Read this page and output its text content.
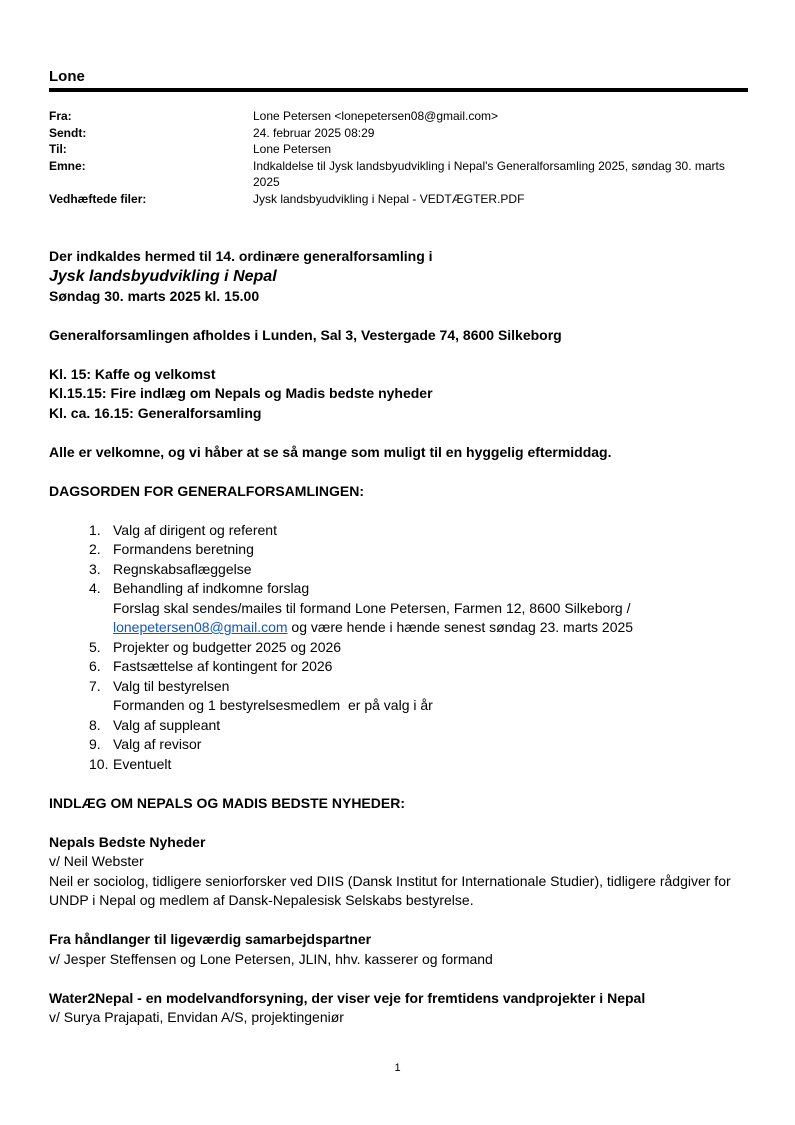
Lone
Fra:	Lone Petersen <lonepetersen08@gmail.com>
Sendt:	24. februar 2025 08:29
Til:	Lone Petersen
Emne:	Indkaldelse til Jysk landsbyudvikling i Nepal's Generalforsamling 2025, søndag 30. marts 2025
Vedhæftede filer:	Jysk landsbyudvikling i Nepal - VEDTÆGTER.PDF
Der indkaldes hermed til 14. ordinære generalforsamling i
Jysk landsbyudvikling i Nepal
Søndag 30. marts 2025 kl. 15.00
Generalforsamlingen afholdes i Lunden, Sal 3, Vestergade 74, 8600 Silkeborg
Kl. 15: Kaffe og velkomst
Kl.15.15: Fire indlæg om Nepals og Madis bedste nyheder
Kl. ca. 16.15: Generalforsamling
Alle er velkomne, og vi håber at se så mange som muligt til en hyggelig eftermiddag.
DAGSORDEN FOR GENERALFORSAMLINGEN:
1. Valg af dirigent og referent
2. Formandens beretning
3. Regnskabsaflæggelse
4. Behandling af indkomne forslag
Forslag skal sendes/mailes til formand Lone Petersen, Farmen 12, 8600 Silkeborg /
lonepetersen08@gmail.com og være hende i hænde senest søndag 23. marts 2025
5. Projekter og budgetter 2025 og 2026
6. Fastsættelse af kontingent for 2026
7. Valg til bestyrelsen
Formanden og 1 bestyrelsesmedlem  er på valg i år
8. Valg af suppleant
9. Valg af revisor
10. Eventuelt
INDLÆG OM NEPALS OG MADIS BEDSTE NYHEDER:
Nepals Bedste Nyheder
v/ Neil Webster
Neil er sociolog, tidligere seniorforsker ved DIIS (Dansk Institut for Internationale Studier), tidligere rådgiver for UNDP i Nepal og medlem af Dansk-Nepalesisk Selskabs bestyrelse.
Fra håndlanger til ligeværdig samarbejdspartner
v/ Jesper Steffensen og Lone Petersen, JLIN, hhv. kasserer og formand
Water2Nepal - en modelvandforsyning, der viser veje for fremtidens vandprojekter i Nepal
v/ Surya Prajapati, Envidan A/S, projektingeniør
1
